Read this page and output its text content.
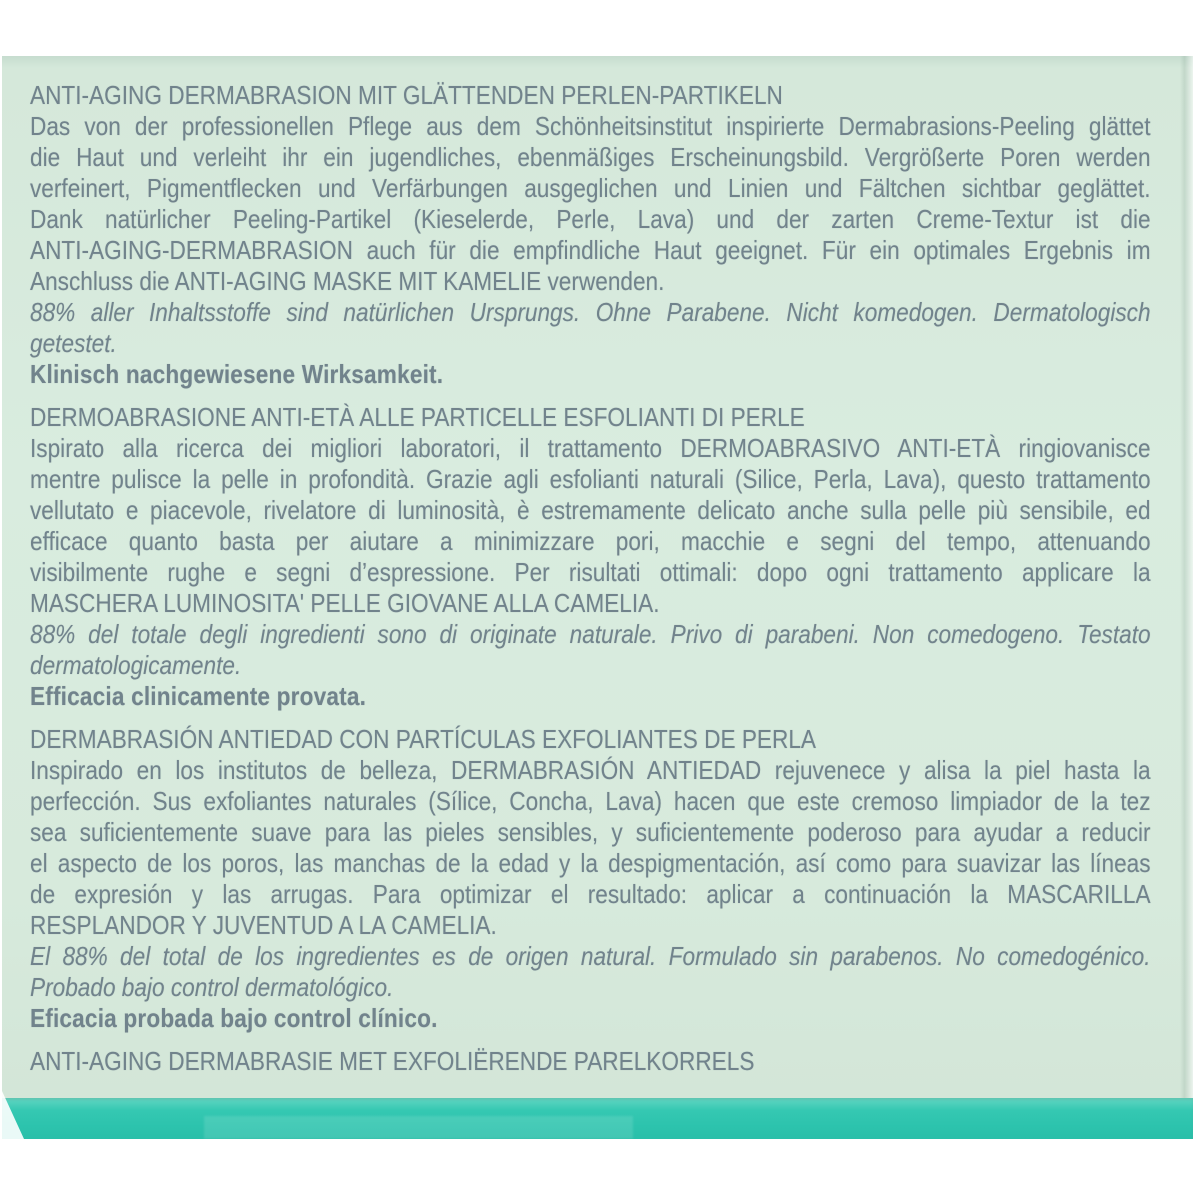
ANTI-AGING DERMABRASION MIT GLÄTTENDEN PERLEN-PARTIKELN
Das von der professionellen Pflege aus dem Schönheitsinstitut inspirierte Dermabrasions-Peeling glättet
die Haut und verleiht ihr ein jugendliches, ebenmäßiges Erscheinungsbild. Vergrößerte Poren werden
verfeinert, Pigmentflecken und Verfärbungen ausgeglichen und Linien und Fältchen sichtbar geglättet.
Dank natürlicher Peeling-Partikel (Kieselerde, Perle, Lava) und der zarten Creme-Textur ist die
ANTI-AGING-DERMABRASION auch für die empfindliche Haut geeignet. Für ein optimales Ergebnis im
Anschluss die ANTI-AGING MASKE MIT KAMELIE verwenden.
88% aller Inhaltsstoffe sind natürlichen Ursprungs. Ohne Parabene. Nicht komedogen. Dermatologisch
getestet.
Klinisch nachgewiesene Wirksamkeit.
DERMOABRASIONE ANTI-ETÀ ALLE PARTICELLE ESFOLIANTI DI PERLE
Ispirato alla ricerca dei migliori laboratori, il trattamento DERMOABRASIVO ANTI-ETÀ ringiovanisce
mentre pulisce la pelle in profondità. Grazie agli esfolianti naturali (Silice, Perla, Lava), questo trattamento
vellutato e piacevole, rivelatore di luminosità, è estremamente delicato anche sulla pelle più sensibile, ed
efficace quanto basta per aiutare a minimizzare pori, macchie e segni del tempo, attenuando
visibilmente rughe e segni d’espressione. Per risultati ottimali: dopo ogni trattamento applicare la
MASCHERA LUMINOSITA' PELLE GIOVANE ALLA CAMELIA.
88% del totale degli ingredienti sono di originate naturale. Privo di parabeni. Non comedogeno. Testato
dermatologicamente.
Efficacia clinicamente provata.
DERMABRASIÓN ANTIEDAD CON PARTÍCULAS EXFOLIANTES DE PERLA
Inspirado en los institutos de belleza, DERMABRASIÓN ANTIEDAD rejuvenece y alisa la piel hasta la
perfección. Sus exfoliantes naturales (Sílice, Concha, Lava) hacen que este cremoso limpiador de la tez
sea suficientemente suave para las pieles sensibles, y suficientemente poderoso para ayudar a reducir
el aspecto de los poros, las manchas de la edad y la despigmentación, así como para suavizar las líneas
de expresión y las arrugas. Para optimizar el resultado: aplicar a continuación la MASCARILLA
RESPLANDOR Y JUVENTUD A LA CAMELIA.
El 88% del total de los ingredientes es de origen natural. Formulado sin parabenos. No comedogénico.
Probado bajo control dermatológico.
Eficacia probada bajo control clínico.
ANTI-AGING DERMABRASIE MET EXFOLIËRENDE PARELKORRELS
